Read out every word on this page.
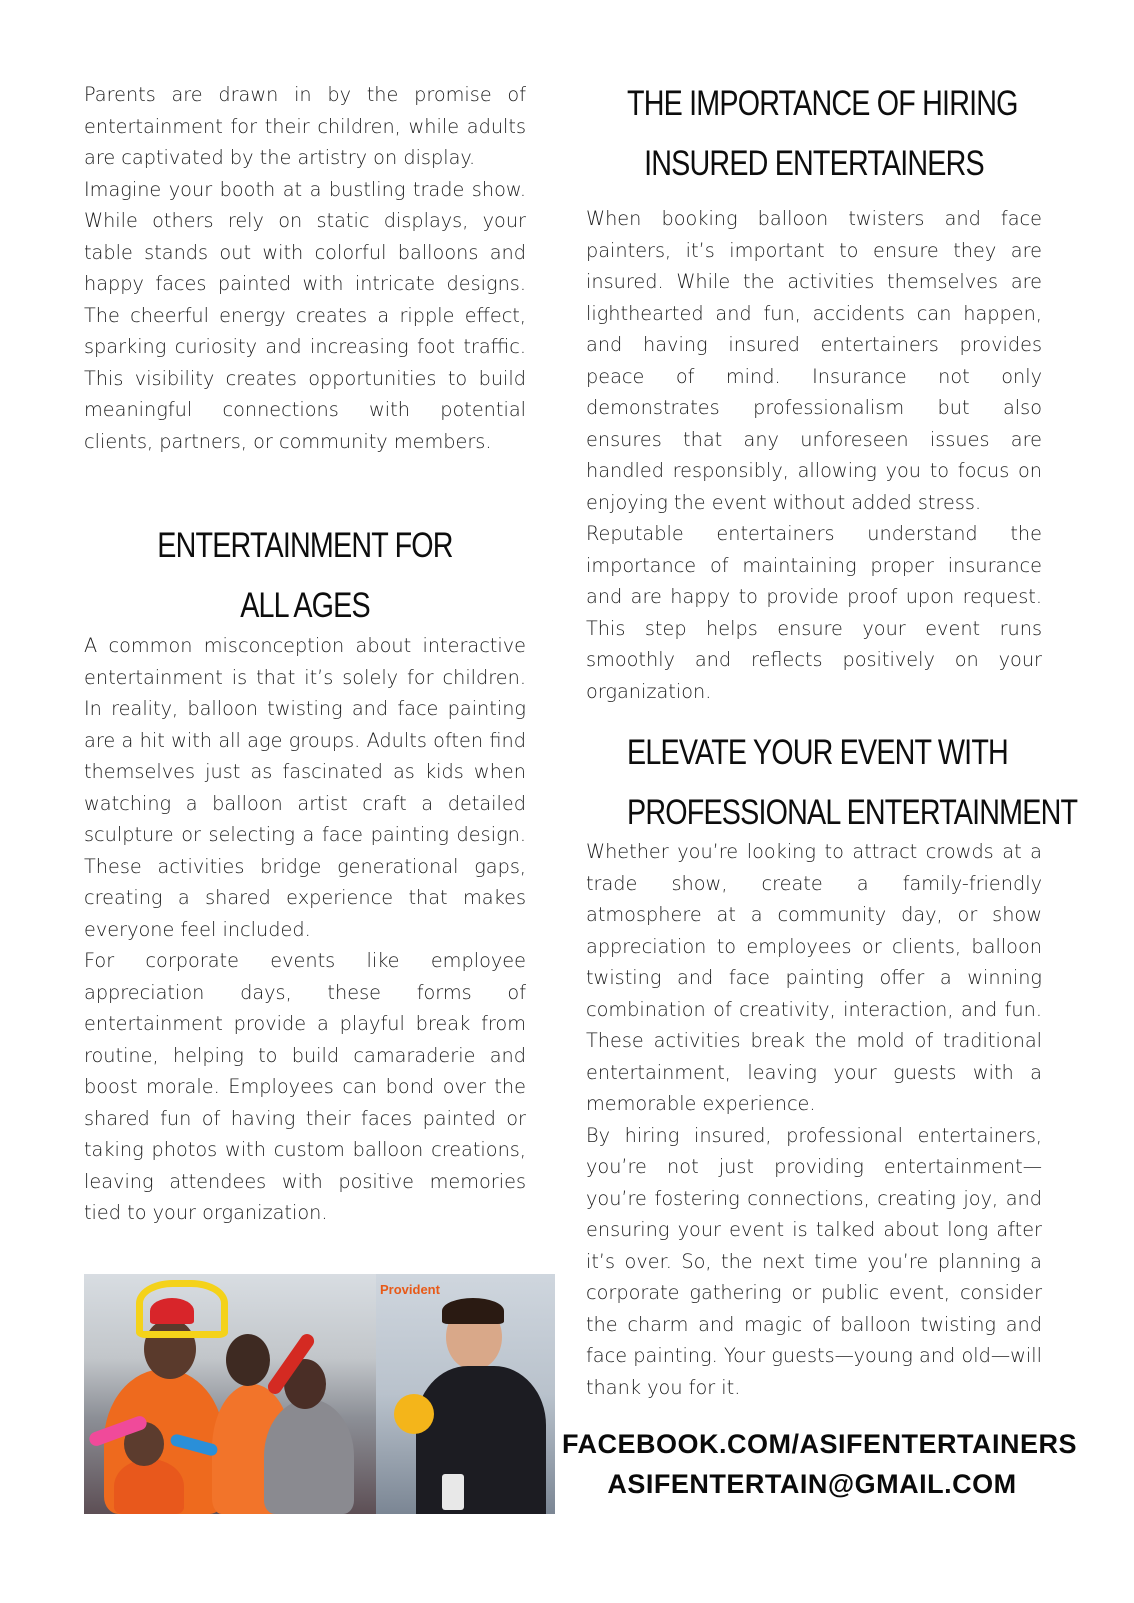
Parents are drawn in by the promise of entertainment for their children, while adults are captivated by the artistry on display.

Imagine your booth at a bustling trade show. While others rely on static displays, your table stands out with colorful balloons and happy faces painted with intricate designs. The cheerful energy creates a ripple effect, sparking curiosity and increasing foot traffic. This visibility creates opportunities to build meaningful connections with potential clients, partners, or community members.

ENTERTAINMENT FOR
ALL AGES

A common misconception about interactive entertainment is that it’s solely for children. In reality, balloon twisting and face painting are a hit with all age groups. Adults often find themselves just as fascinated as kids when watching a balloon artist craft a detailed sculpture or selecting a face painting design. These activities bridge generational gaps, creating a shared experience that makes everyone feel included.

For corporate events like employee appreciation days, these forms of entertainment provide a playful break from routine, helping to build camaraderie and boost morale. Employees can bond over the shared fun of having their faces painted or taking photos with custom balloon creations, leaving attendees with positive memories tied to your organization.

Provident
THE IMPORTANCE OF HIRING
INSURED ENTERTAINERS

When booking balloon twisters and face painters, it’s important to ensure they are insured. While the activities themselves are lighthearted and fun, accidents can happen, and having insured entertainers provides peace of mind. Insurance not only demonstrates professionalism but also ensures that any unforeseen issues are handled responsibly, allowing you to focus on enjoying the event without added stress.

Reputable entertainers understand the importance of maintaining proper insurance and are happy to provide proof upon request. This step helps ensure your event runs smoothly and reflects positively on your organization.

ELEVATE YOUR EVENT WITH
PROFESSIONAL ENTERTAINMENT

Whether you’re looking to attract crowds at a trade show, create a family-friendly atmosphere at a community day, or show appreciation to employees or clients, balloon twisting and face painting offer a winning combination of creativity, interaction, and fun. These activities break the mold of traditional entertainment, leaving your guests with a memorable experience.

By hiring insured, professional entertainers, you’re not just providing entertainment—you’re fostering connections, creating joy, and ensuring your event is talked about long after it’s over. So, the next time you’re planning a corporate gathering or public event, consider the charm and magic of balloon twisting and face painting. Your guests—young and old—will thank you for it.

FACEBOOK.COM/ASIFENTERTAINERS
ASIFENTERTAIN@GMAIL.COM
